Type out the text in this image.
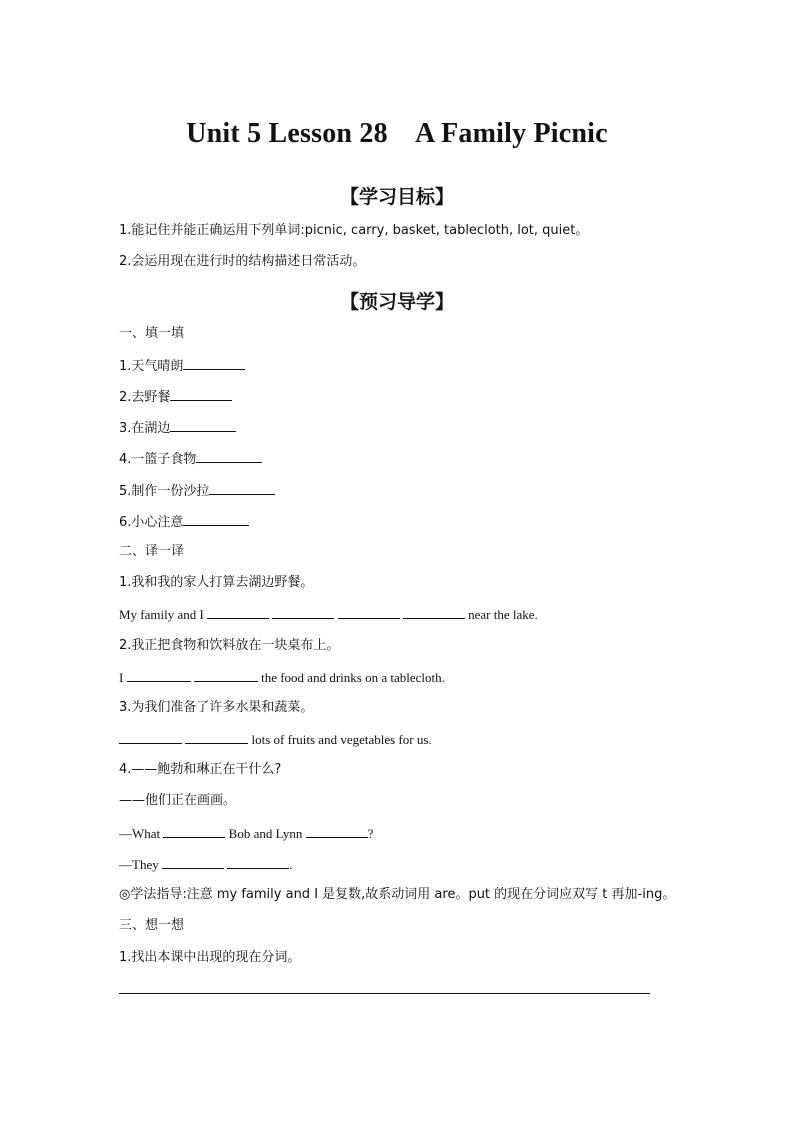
Unit 5 Lesson 28    A Family Picnic
【学习目标】
1.能记住并能正确运用下列单词:picnic, carry, basket, tablecloth, lot, quiet。
2.会运用现在进行时的结构描述日常活动。
【预习导学】
一、填一填
1.天气晴朗
2.去野餐
3.在湖边
4.一篮子食物
5.制作一份沙拉
6.小心注意
二、译一译
1.我和我的家人打算去湖边野餐。
My family and I	near the lake.
2.我正把食物和饮料放在一块桌布上。
I	the food and drinks on a tablecloth.
3.为我们准备了许多水果和蔬菜。
lots of fruits and vegetables for us.
4.——鲍勃和琳正在干什么?
——他们正在画画。
—What	Bob and Lynn	?
—They	.
◎学法指导:注意 my family and I 是复数,故系动词用 are。put 的现在分词应双写 t 再加-ing。
三、想一想
1.找出本课中出现的现在分词。
